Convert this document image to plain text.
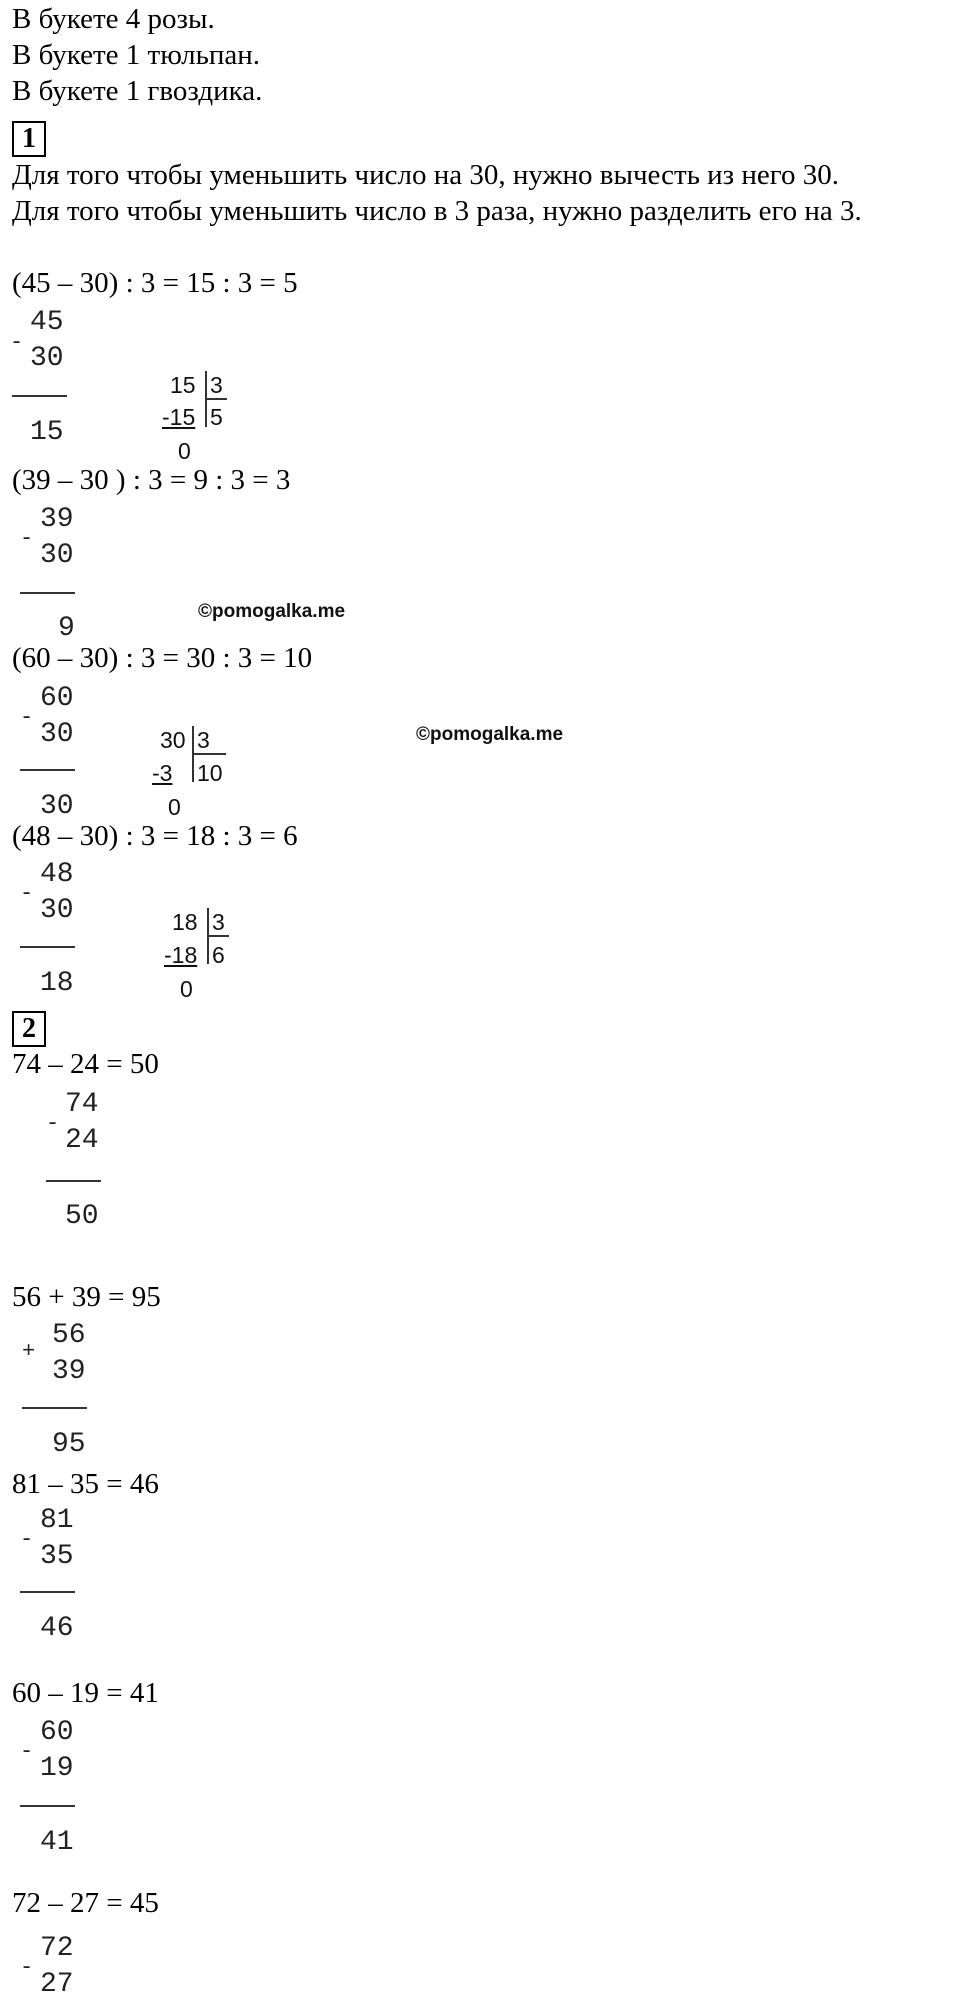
В букете 4 розы.
В букете 1 тюльпан.
В букете 1 гвоздика.
1
Для того чтобы уменьшить число на 30, нужно вычесть из него 30.
Для того чтобы уменьшить число в 3 раза, нужно разделить его на 3.
(45 – 30) : 3 = 15 : 3 = 5
-
45
30
15
15 3
-15 5
0
(39 – 30 ) : 3 = 9 : 3 = 3
-
39
30
9
©pomogalka.me
(60 – 30) : 3 = 30 : 3 = 10
-
60
30
30
30 3
-3 10
0
©pomogalka.me
(48 – 30) : 3 = 18 : 3 = 6
-
48
30
18
18 3
-18 6
0
2
74 – 24 = 50
-
74
24
50
56 + 39 = 95
+
56
39
95
81 – 35 = 46
-
81
35
46
60 – 19 = 41
-
60
19
41
72 – 27 = 45
-
72
27
